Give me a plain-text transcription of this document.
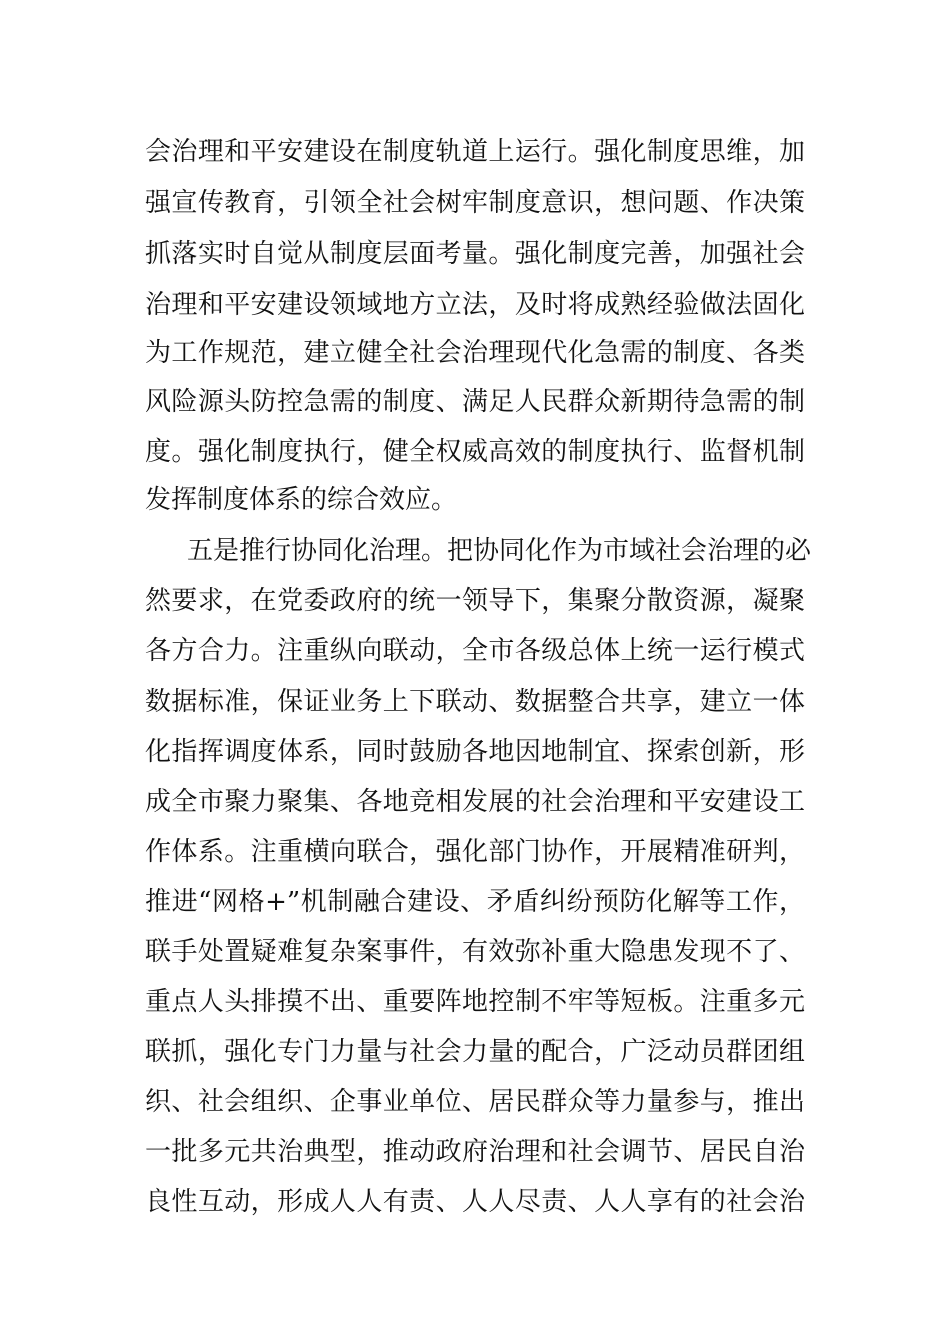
会治理和平安建设在制度轨道上运行。强化制度思维，加
强宣传教育，引领全社会树牢制度意识，想问题、作决策
抓落实时自觉从制度层面考量。强化制度完善，加强社会
治理和平安建设领域地方立法，及时将成熟经验做法固化
为工作规范，建立健全社会治理现代化急需的制度、各类
风险源头防控急需的制度、满足人民群众新期待急需的制
度。强化制度执行，健全权威高效的制度执行、监督机制
发挥制度体系的综合效应。
五是推行协同化治理。把协同化作为市域社会治理的必
然要求，在党委政府的统一领导下，集聚分散资源，凝聚
各方合力。注重纵向联动，全市各级总体上统一运行模式
数据标准，保证业务上下联动、数据整合共享，建立一体
化指挥调度体系，同时鼓励各地因地制宜、探索创新，形
成全市聚力聚集、各地竞相发展的社会治理和平安建设工
作体系。注重横向联合，强化部门协作，开展精准研判，
推进“网格+”机制融合建设、矛盾纠纷预防化解等工作，
联手处置疑难复杂案事件，有效弥补重大隐患发现不了、
重点人头排摸不出、重要阵地控制不牢等短板。注重多元
联抓，强化专门力量与社会力量的配合，广泛动员群团组
织、社会组织、企事业单位、居民群众等力量参与，推出
一批多元共治典型，推动政府治理和社会调节、居民自治
良性互动，形成人人有责、人人尽责、人人享有的社会治
